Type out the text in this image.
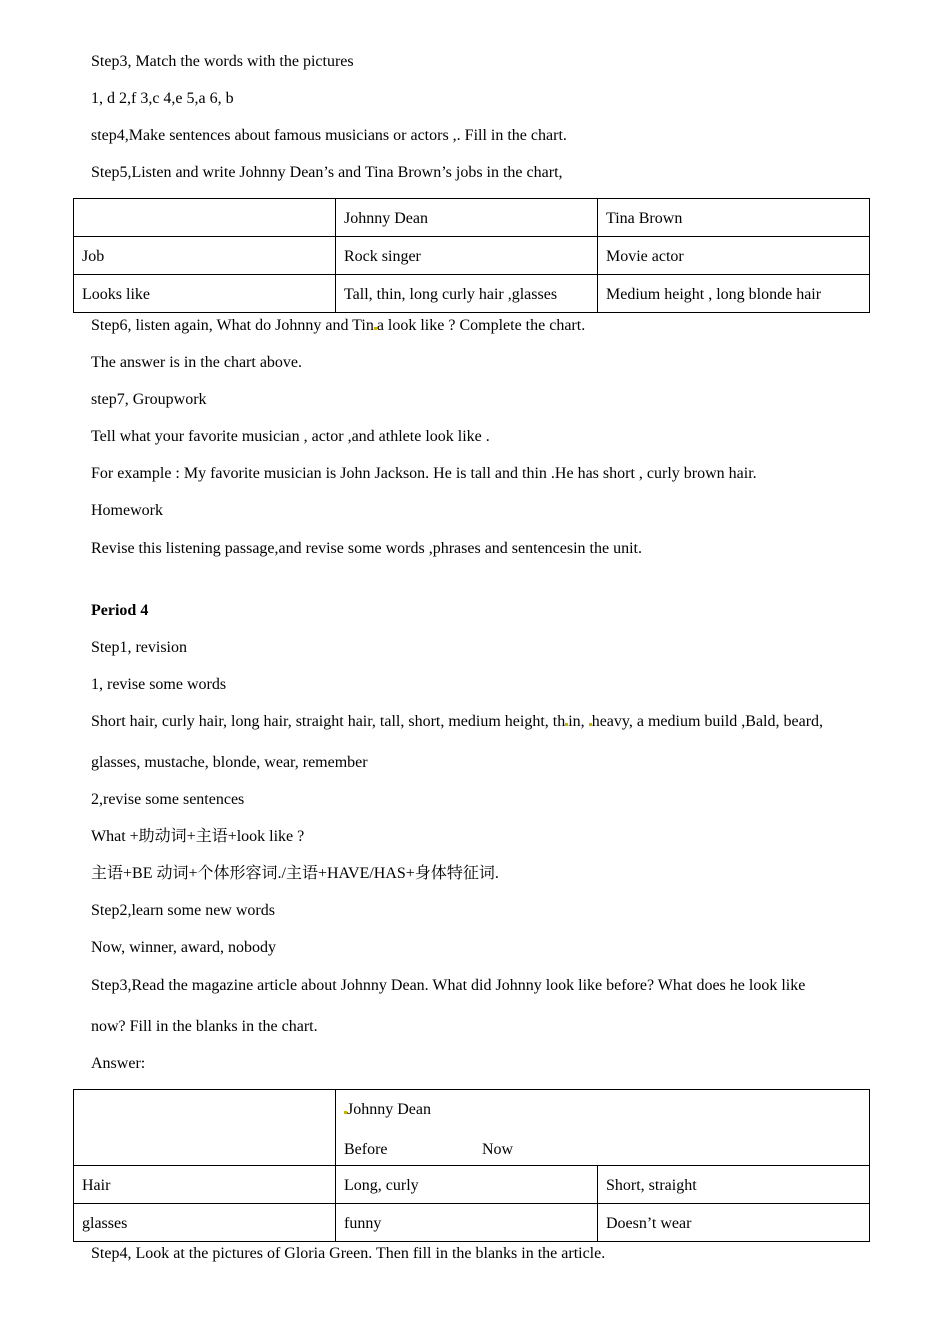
Step3, Match the words with the pictures
1, d 2,f 3,c 4,e 5,a 6, b
step4,Make sentences about famous musicians or actors ,. Fill in the chart.
Step5,Listen and write Johnny Dean’s and Tina Brown’s jobs in the chart,
	Johnny Dean	Tina Brown
Job	Rock singer	Movie actor
Looks like	Tall, thin, long curly hair ,glasses	Medium height , long blonde hair
Step6, listen again, What do Johnny and Tin a look like ? Complete the chart.
The answer is in the chart above.
step7, Groupwork
Tell what your favorite musician , actor ,and athlete look like .
For example : My favorite musician is John Jackson. He is tall and thin .He has short , curly brown hair.
Homework
Revise this listening passage,and revise some words ,phrases and sentencesin the unit.
Period 4
Step1, revision
1, revise some words
Short hair, curly hair, long hair, straight hair, tall, short, medium height, th in, heavy, a medium build ,Bald, beard,
glasses, mustache, blonde, wear, remember
2,revise some sentences
What +助动词+主语+look like ?
主语+BE 动词+个体形容词./主语+HAVE/HAS+身体特征词.
Step2,learn some new words
Now, winner, award, nobody
Step3,Read the magazine article about Johnny Dean. What did Johnny look like before? What does he look like
now? Fill in the blanks in the chart.
Answer:
	Johnny Dean
Before Now	

Hair	Long, curly	Short, straight
glasses	funny	Doesn’t wear
Step4, Look at the pictures of Gloria Green. Then fill in the blanks in the article.
